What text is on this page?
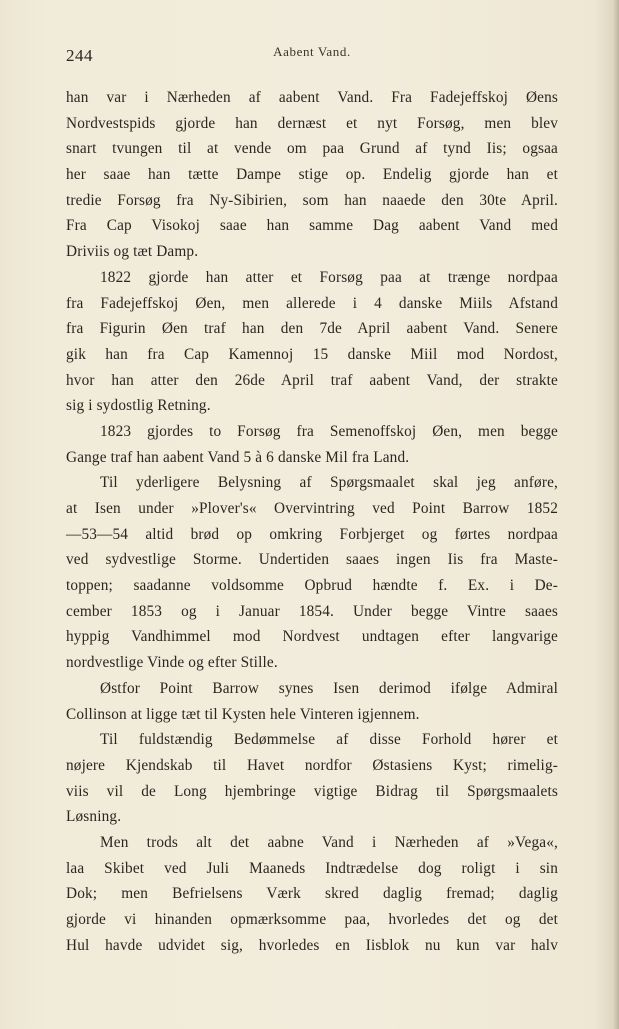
244	Aabent Vand.
han var i Nærheden af aabent Vand. Fra Fadejeffskoj Øens
Nordvestspids gjorde han dernæst et nyt Forsøg, men blev
snart tvungen til at vende om paa Grund af tynd Iis; ogsaa
her saae han tætte Dampe stige op. Endelig gjorde han et
tredie Forsøg fra Ny-Sibirien, som han naaede den 30te April.
Fra Cap Visokoj saae han samme Dag aabent Vand med
Driviis og tæt Damp.
1822 gjorde han atter et Forsøg paa at trænge nordpaa
fra Fadejeffskoj Øen, men allerede i 4 danske Miils Afstand
fra Figurin Øen traf han den 7de April aabent Vand. Senere
gik han fra Cap Kamennoj 15 danske Miil mod Nordost,
hvor han atter den 26de April traf aabent Vand, der strakte
sig i sydostlig Retning.
1823 gjordes to Forsøg fra Semenoffskoj Øen, men begge
Gange traf han aabent Vand 5 à 6 danske Mil fra Land.
Til yderligere Belysning af Spørgsmaalet skal jeg anføre,
at Isen under »Plover's« Overvintring ved Point Barrow 1852
—53—54 altid brød op omkring Forbjerget og førtes nordpaa
ved sydvestlige Storme. Undertiden saaes ingen Iis fra Maste-
toppen; saadanne voldsomme Opbrud hændte f. Ex. i De-
cember 1853 og i Januar 1854. Under begge Vintre saaes
hyppig Vandhimmel mod Nordvest undtagen efter langvarige
nordvestlige Vinde og efter Stille.
Østfor Point Barrow synes Isen derimod ifølge Admiral
Collinson at ligge tæt til Kysten hele Vinteren igjennem.
Til fuldstændig Bedømmelse af disse Forhold hører et
nøjere Kjendskab til Havet nordfor Østasiens Kyst; rimelig-
viis vil de Long hjembringe vigtige Bidrag til Spørgsmaalets
Løsning.
Men trods alt det aabne Vand i Nærheden af »Vega«,
laa Skibet ved Juli Maaneds Indtrædelse dog roligt i sin
Dok; men Befrielsens Værk skred daglig fremad; daglig
gjorde vi hinanden opmærksomme paa, hvorledes det og det
Hul havde udvidet sig, hvorledes en Iisblok nu kun var halv
